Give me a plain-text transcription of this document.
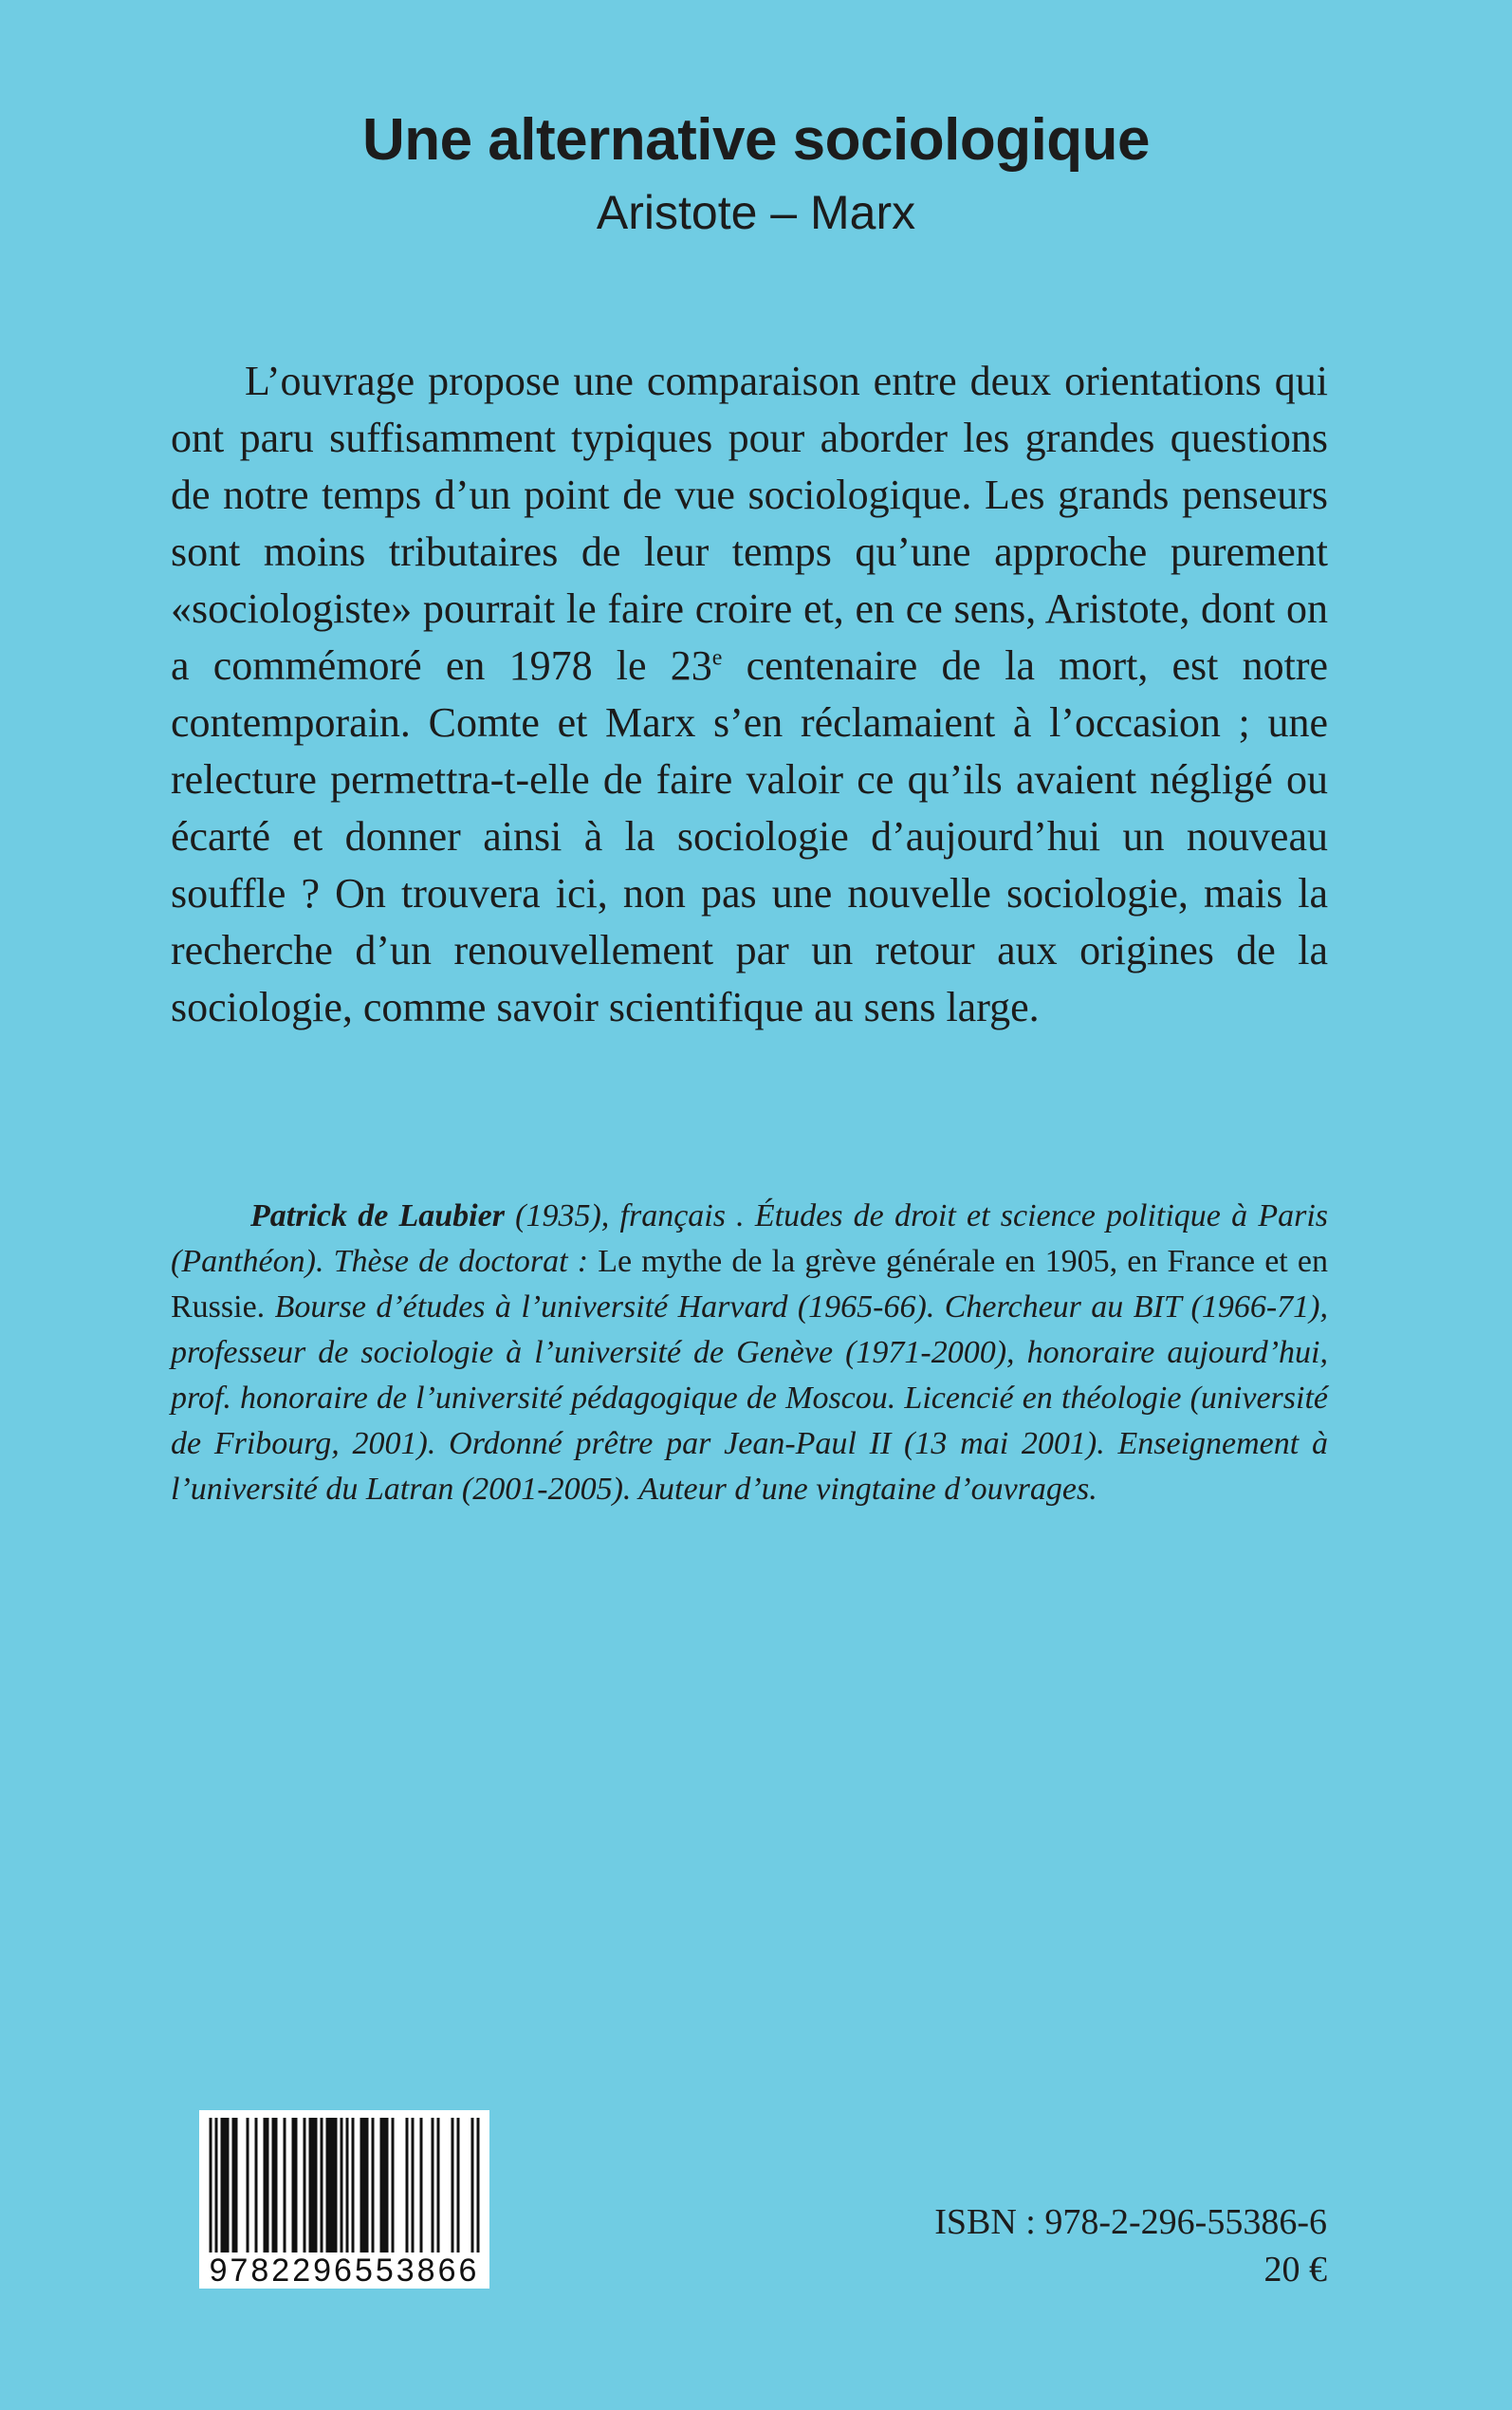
Une alternative sociologique
Aristote – Marx

L’ouvrage propose une comparaison entre deux orientations qui ont paru suffisamment typiques pour aborder les grandes questions de notre temps d’un point de vue sociologique. Les grands penseurs sont moins tributaires de leur temps qu’une approche purement «sociologiste» pourrait le faire croire et, en ce sens, Aristote, dont on a commémoré en 1978 le 23e centenaire de la mort, est notre contemporain. Comte et Marx s’en réclamaient à l’occasion ; une relecture permettra-t-elle de faire valoir ce qu’ils avaient négligé ou écarté et donner ainsi à la sociologie d’aujourd’hui un nouveau souffle ? On trouvera ici, non pas une nouvelle sociologie, mais la recherche d’un renouvellement par un retour aux origines de la sociologie, comme savoir scientifique au sens large.

Patrick de Laubier (1935), français . Études de droit et science politique à Paris (Panthéon). Thèse de doctorat : Le mythe de la grève générale en 1905, en France et en Russie. Bourse d’études à l’université Harvard (1965-66). Chercheur au BIT (1966-71), professeur de sociologie à l’université de Genève (1971-2000), honoraire aujourd’hui, prof. honoraire de l’université pédagogique de Moscou. Licencié en théologie (université de Fribourg, 2001). Ordonné prêtre par Jean-Paul II (13 mai 2001). Enseignement à l’université du Latran (2001-2005). Auteur d’une vingtaine d’ouvrages.

9782296553866
ISBN : 978-2-296-55386-6
20 €
